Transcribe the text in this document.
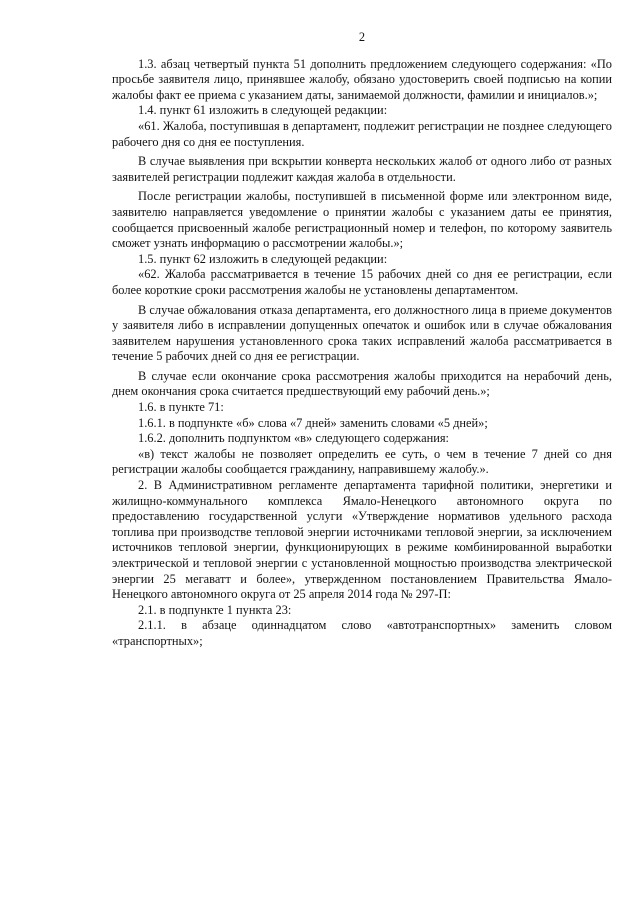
2

1.3. абзац четвертый пункта 51 дополнить предложением следующего содержания: «По просьбе заявителя лицо, принявшее жалобу, обязано удостоверить своей подписью на копии жалобы факт ее приема с указанием даты, занимаемой должности, фамилии и инициалов.»;

1.4. пункт 61 изложить в следующей редакции:

«61. Жалоба, поступившая в департамент, подлежит регистрации не позднее следующего рабочего дня со дня ее поступления.

В случае выявления при вскрытии конверта нескольких жалоб от одного либо от разных заявителей регистрации подлежит каждая жалоба в отдельности.

После регистрации жалобы, поступившей в письменной форме или электронном виде, заявителю направляется уведомление о принятии жалобы с указанием даты ее принятия, сообщается присвоенный жалобе регистрационный номер и телефон, по которому заявитель сможет узнать информацию о рассмотрении жалобы.»;

1.5. пункт 62 изложить в следующей редакции:

«62. Жалоба рассматривается в течение 15 рабочих дней со дня ее регистрации, если более короткие сроки рассмотрения жалобы не установлены департаментом.

В случае обжалования отказа департамента, его должностного лица в приеме документов у заявителя либо в исправлении допущенных опечаток и ошибок или в случае обжалования заявителем нарушения установленного срока таких исправлений жалоба рассматривается в течение 5 рабочих дней со дня ее регистрации.

В случае если окончание срока рассмотрения жалобы приходится на нерабочий день, днем окончания срока считается предшествующий ему рабочий день.»;

1.6. в пункте 71:

1.6.1. в подпункте «б» слова «7 дней» заменить словами «5 дней»;

1.6.2. дополнить подпунктом «в» следующего содержания:

«в) текст жалобы не позволяет определить ее суть, о чем в течение 7 дней со дня регистрации жалобы сообщается гражданину, направившему жалобу.».

2. В Административном регламенте департамента тарифной политики, энергетики и жилищно-коммунального комплекса Ямало-Ненецкого автономного округа по предоставлению государственной услуги «Утверждение нормативов удельного расхода топлива при производстве тепловой энергии источниками тепловой энергии, за исключением источников тепловой энергии, функционирующих в режиме комбинированной выработки электрической и тепловой энергии с установленной мощностью производства электрической энергии 25 мегаватт и более», утвержденном постановлением Правительства Ямало-Ненецкого автономного округа от 25 апреля 2014 года № 297-П:

2.1. в подпункте 1 пункта 23:

2.1.1. в абзаце одиннадцатом слово «автотранспортных» заменить словом «транспортных»;
